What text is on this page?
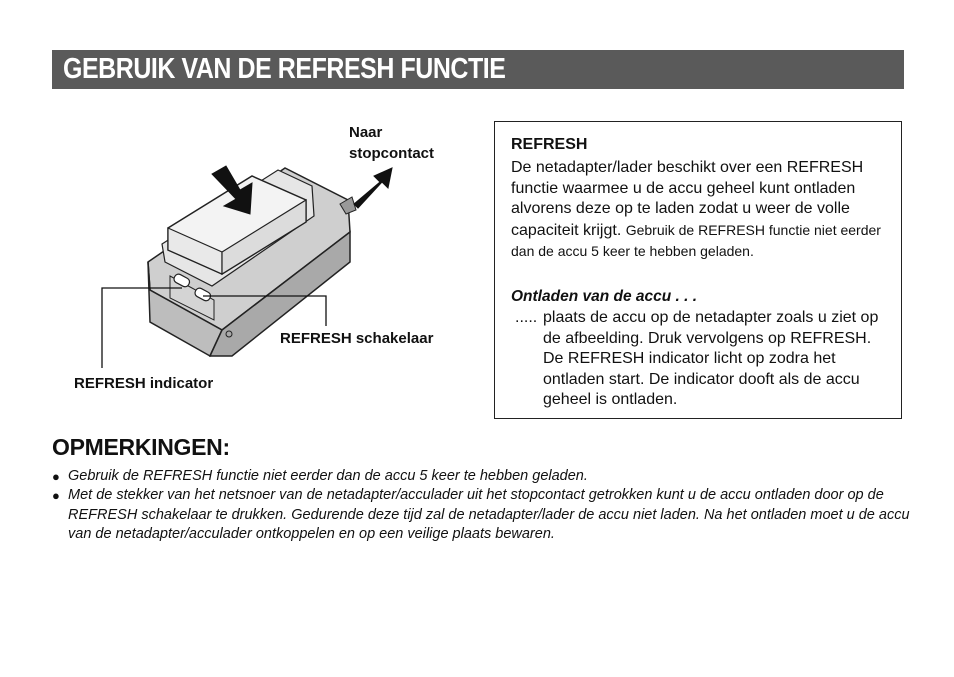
GEBRUIK VAN DE REFRESH FUNCTIE
Naar
stopcontact
REFRESH schakelaar
REFRESH indicator
REFRESH
De netadapter/lader beschikt over een REFRESH functie waarmee u de accu geheel kunt ontladen alvorens deze op te laden zodat u weer de volle capaciteit krijgt. Gebruik de REFRESH functie niet eerder dan de accu 5 keer te hebben geladen.
Ontladen van de accu . . .
..... plaats de accu op de netadapter zoals u ziet op de afbeelding. Druk vervolgens op REFRESH. De REFRESH indicator licht op zodra het ontladen start. De indicator dooft als de accu geheel is ontladen.
OPMERKINGEN:
● Gebruik de REFRESH functie niet eerder dan de accu 5 keer te hebben geladen.
● Met de stekker van het netsnoer van de netadapter/acculader uit het stopcontact getrokken kunt u de accu ontladen door op de REFRESH schakelaar te drukken. Gedurende deze tijd zal de netadapter/lader de accu niet laden. Na het ontladen moet u de accu van de netadapter/acculader ontkoppelen en op een veilige plaats bewaren.
